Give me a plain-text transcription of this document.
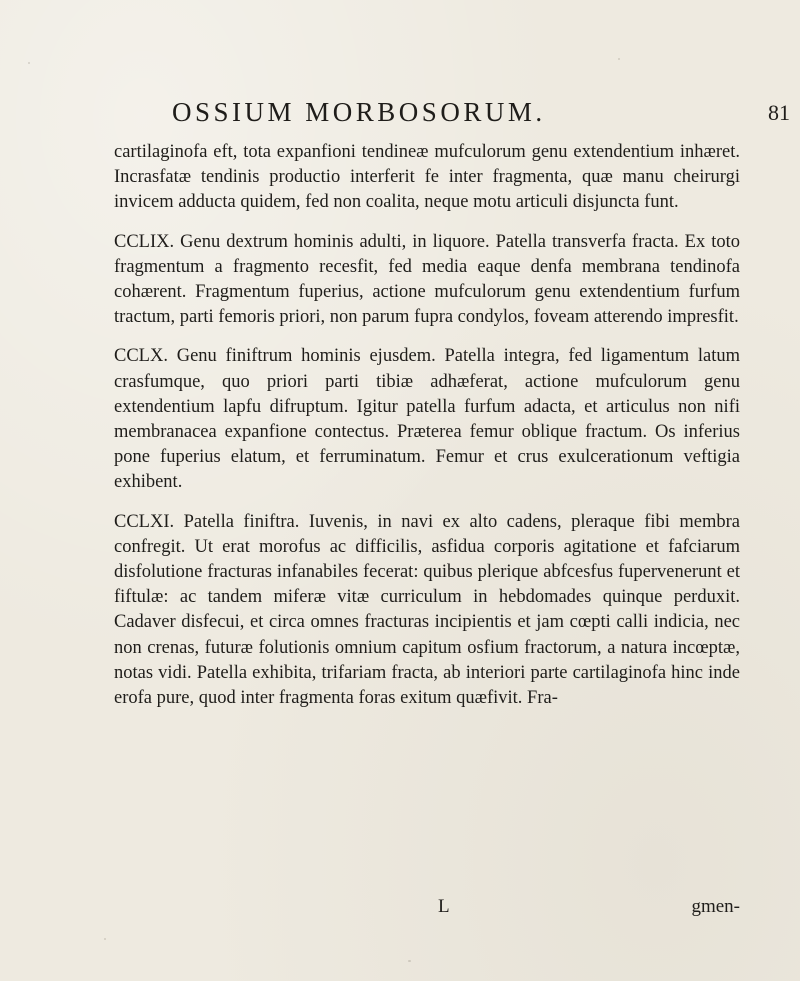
OSSIUM MORBOSORUM.	81

cartilaginofa eft, tota expanfioni tendineæ mufculorum genu extendentium inhæret. Incrasfatæ tendinis productio interferit fe inter fragmenta, quæ manu cheirurgi invicem adducta quidem, fed non coalita, neque motu articuli disjuncta funt.

CCLIX. Genu dextrum hominis adulti, in liquore. Patella transverfa fracta. Ex toto fragmentum a fragmento recesfit, fed media eaque denfa membrana tendinofa cohærent. Fragmentum fuperius, actione mufculorum genu extendentium furfum tractum, parti femoris priori, non parum fupra condylos, foveam atterendo impresfit.

CCLX. Genu finiftrum hominis ejusdem. Patella integra, fed ligamentum latum crasfumque, quo priori parti tibiæ adhæferat, actione mufculorum genu extendentium lapfu difruptum. Igitur patella furfum adacta, et articulus non nifi membranacea expanfione contectus. Præterea femur oblique fractum. Os inferius pone fuperius elatum, et ferruminatum. Femur et crus exulcerationum veftigia exhibent.

CCLXI. Patella finiftra. Iuvenis, in navi ex alto cadens, pleraque fibi membra confregit. Ut erat morofus ac difficilis, asfidua corporis agitatione et fafciarum disfolutione fracturas infanabiles fecerat: quibus plerique abfcesfus fupervenerunt et fiftulæ: ac tandem miferæ vitæ curriculum in hebdomades quinque perduxit. Cadaver disfecui, et circa omnes fracturas incipientis et jam cœpti calli indicia, nec non crenas, futuræ folutionis omnium capitum osfium fractorum, a natura incœptæ, notas vidi. Patella exhibita, trifariam fracta, ab interiori parte cartilaginofa hinc inde erofa pure, quod inter fragmenta foras exitum quæfivit. Fra-

L	gmen-
